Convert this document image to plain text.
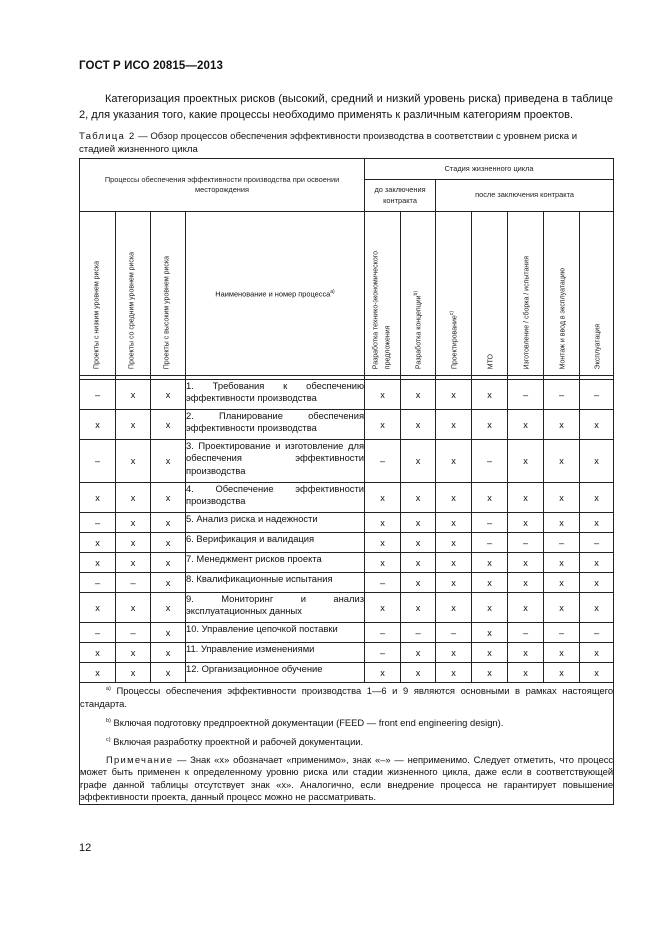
ГОСТ Р ИСО 20815—2013

Категоризация проектных рисков (высокий, средний и низкий уровень риска) приведена в таблице 2, для указания того, какие процессы необходимо применять к различным категориям проектов.

Таблица 2 — Обзор процессов обеспечения эффективности производства в соответствии с уровнем риска и стадией жизненного цикла
Процессы обеспечения эффективности производства при освоении месторождения				Стадия жизненного цикла						
				до заключения контракта		после заключения контракта				

Проекты с низким уровнем риска	Проекты со средним уровнем риска	Проекты с высоким уровнем риска	Наименование и номер процесса$^{а)}$	Разработка технико-экономического
предложения	Разработка концепции$^{b)}$	Проектирование$^{c)}$	МТО	Изготовление / сборка / испытания	Монтаж и ввод в эксплуатацию	Эксплуатация

–	x	x	1. Требования к обеспечению эффективности производства	x	x	x	x	–	–	–
x	x	x	2. Планирование обеспечения эффективности производства	x	x	x	x	x	x	x
–	x	x	3. Проектирование и изготовление для обеспечения эффективности производства	–	x	x	–	x	x	x
x	x	x	4. Обеспечение эффективности производства	x	x	x	x	x	x	x
–	x	x	5. Анализ риска и надежности	x	x	x	–	x	x	x
x	x	x	6. Верификация и валидация	x	x	x	–	–	–	–
x	x	x	7. Менеджмент рисков проекта	x	x	x	x	x	x	x
–	–	x	8. Квалификационные испытания	–	x	x	x	x	x	x
x	x	x	9. Мониторинг и анализ эксплуатационных данных	x	x	x	x	x	x	x
–	–	x	10. Управление цепочкой поставки	–	–	–	x	–	–	–
x	x	x	11. Управление изменениями	–	x	x	x	x	x	x
x	x	x	12. Организационное обучение	x	x	x	x	x	x	x

$^{а)}$ Процессы обеспечения эффективности производства 1—6 и 9 являются основными в рамках настоящего стандарта.

$^{b)}$ Включая подготовку предпроектной документации (FEED — front end engineering design).

$^{c)}$ Включая разработку проектной и рабочей документации.

Примечание — Знак «x» обозначает «применимо», знак «–» — неприменимо. Следует отметить, что процесс может быть применен к определенному уровню риска или стадии жизненного цикла, даже если в соответствующей графе данной таблицы отсутствует знак «x». Аналогично, если внедрение процесса не гарантирует повышение эффективности проекта, данный процесс можно не рассматривать.										

12
